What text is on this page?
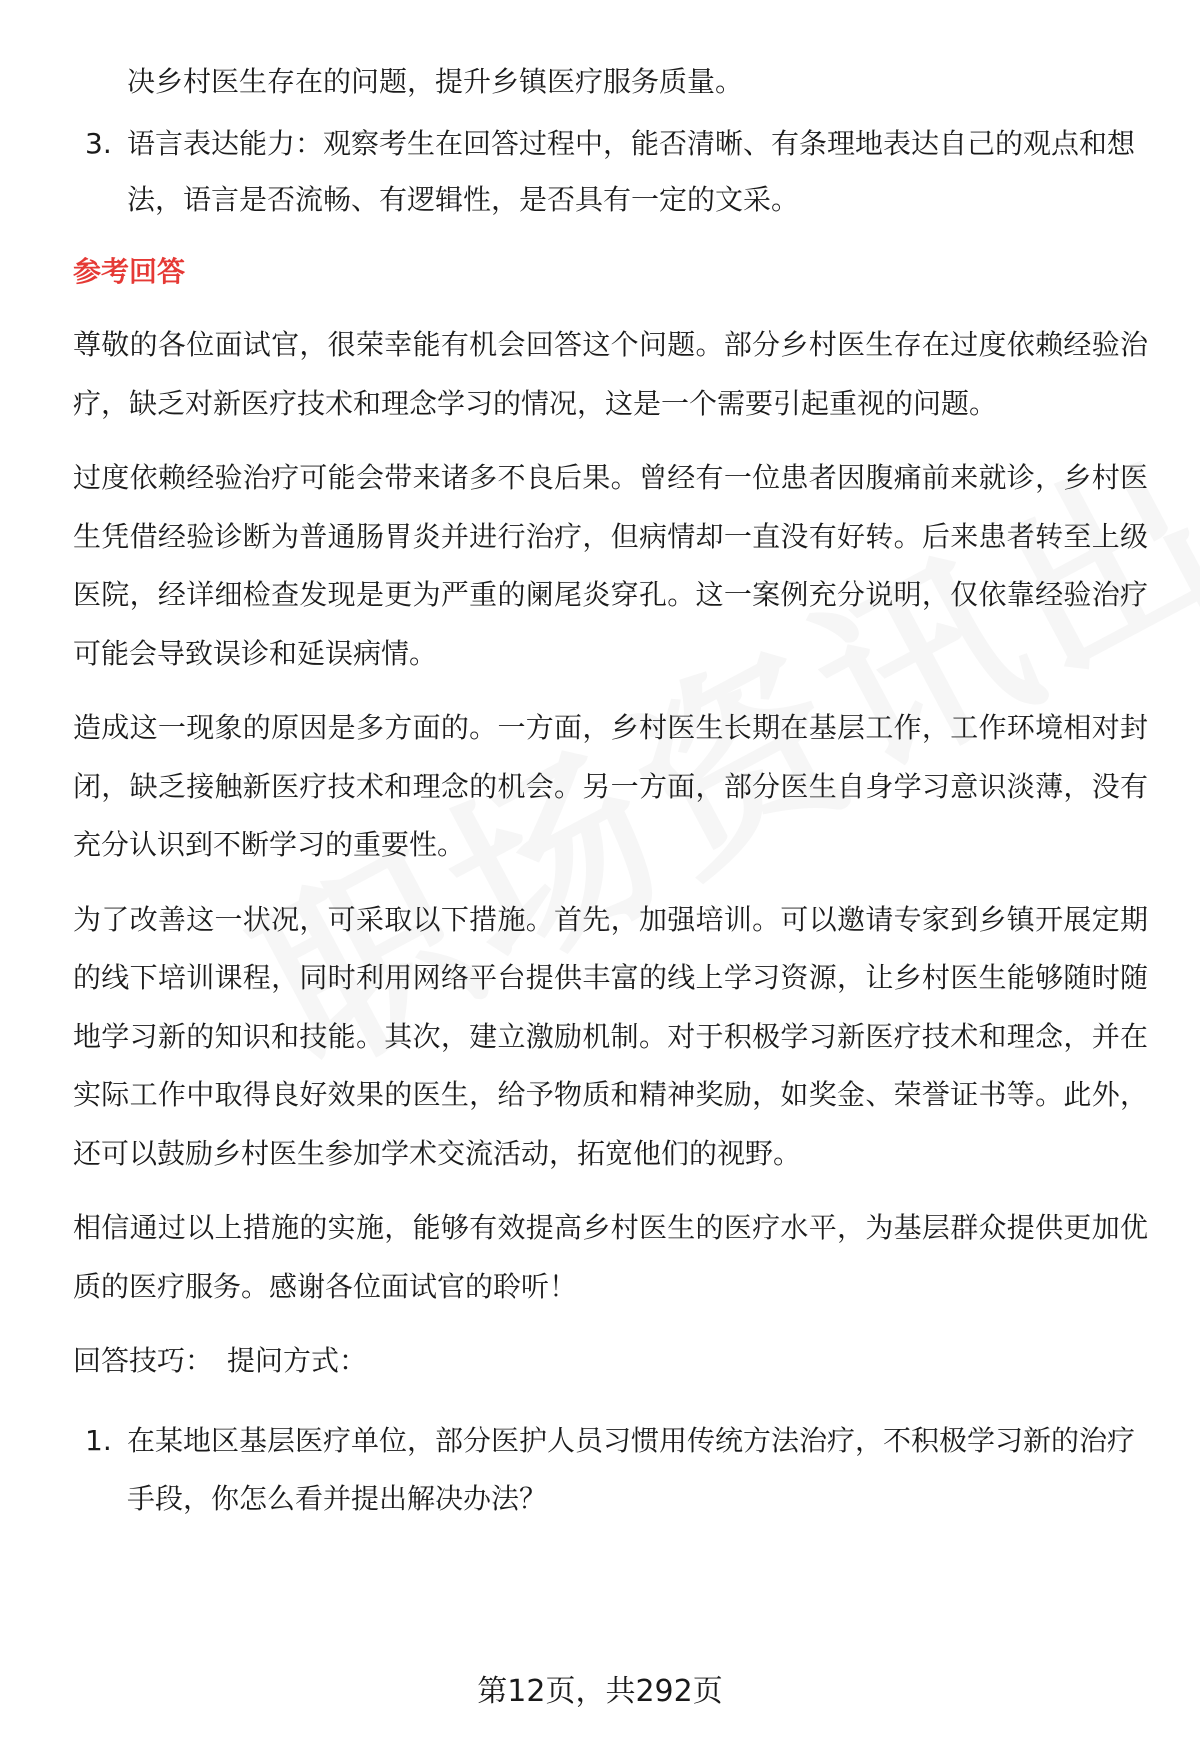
决乡村医生存在的问题，提升乡镇医疗服务质量。

3. 语言表达能力：观察考生在回答过程中，能否清晰、有条理地表达自己的观点和想法，语言是否流畅、有逻辑性，是否具有一定的文采。
参考回答

尊敬的各位面试官，很荣幸能有机会回答这个问题。部分乡村医生存在过度依赖经验治疗，缺乏对新医疗技术和理念学习的情况，这是一个需要引起重视的问题。

过度依赖经验治疗可能会带来诸多不良后果。曾经有一位患者因腹痛前来就诊，乡村医生凭借经验诊断为普通肠胃炎并进行治疗，但病情却一直没有好转。后来患者转至上级医院，经详细检查发现是更为严重的阑尾炎穿孔。这一案例充分说明，仅依靠经验治疗可能会导致误诊和延误病情。

造成这一现象的原因是多方面的。一方面，乡村医生长期在基层工作，工作环境相对封闭，缺乏接触新医疗技术和理念的机会。另一方面，部分医生自身学习意识淡薄，没有充分认识到不断学习的重要性。

为了改善这一状况，可采取以下措施。首先，加强培训。可以邀请专家到乡镇开展定期的线下培训课程，同时利用网络平台提供丰富的线上学习资源，让乡村医生能够随时随地学习新的知识和技能。其次，建立激励机制。对于积极学习新医疗技术和理念，并在实际工作中取得良好效果的医生，给予物质和精神奖励，如奖金、荣誉证书等。此外，还可以鼓励乡村医生参加学术交流活动，拓宽他们的视野。

相信通过以上措施的实施，能够有效提高乡村医生的医疗水平，为基层群众提供更加优质的医疗服务。感谢各位面试官的聆听！

回答技巧： 提问方式：

1. 在某地区基层医疗单位，部分医护人员习惯用传统方法治疗，不积极学习新的治疗手段，你怎么看并提出解决办法？
第12页，共292页
